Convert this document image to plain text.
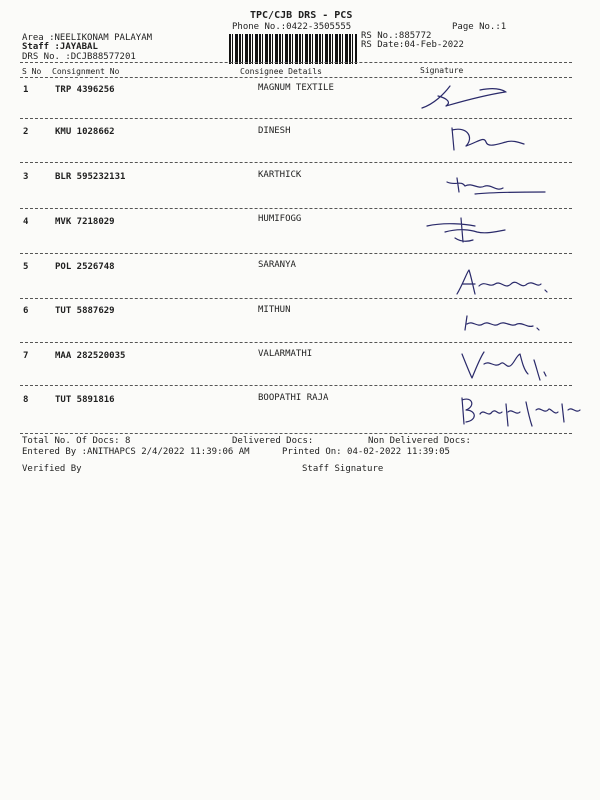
TPC/CJB DRS - PCS
Phone No.:0422-3505555	Page No.:1
Area :NEELIKONAM PALAYAM
Staff :JAYABAL
DRS No. :DCJB88577201
RS No.:885772
RS Date:04-Feb-2022
S No Consignment No	Consignee Details	Signature
1	TRP 4396256	MAGNUM TEXTILE
2	KMU 1028662	DINESH
3	BLR 595232131	KARTHICK
4	MVK 7218029	HUMIFOGG
5	POL 2526748	SARANYA
6	TUT 5887629	MITHUN
7	MAA 282520035	VALARMATHI
8	TUT 5891816	BOOPATHI RAJA
Total No. Of Docs: 8	Delivered Docs:	Non Delivered Docs:
Entered By :ANITHAPCS 2/4/2022 11:39:06 AM	Printed On: 04-02-2022 11:39:05
Verified By	Staff Signature
